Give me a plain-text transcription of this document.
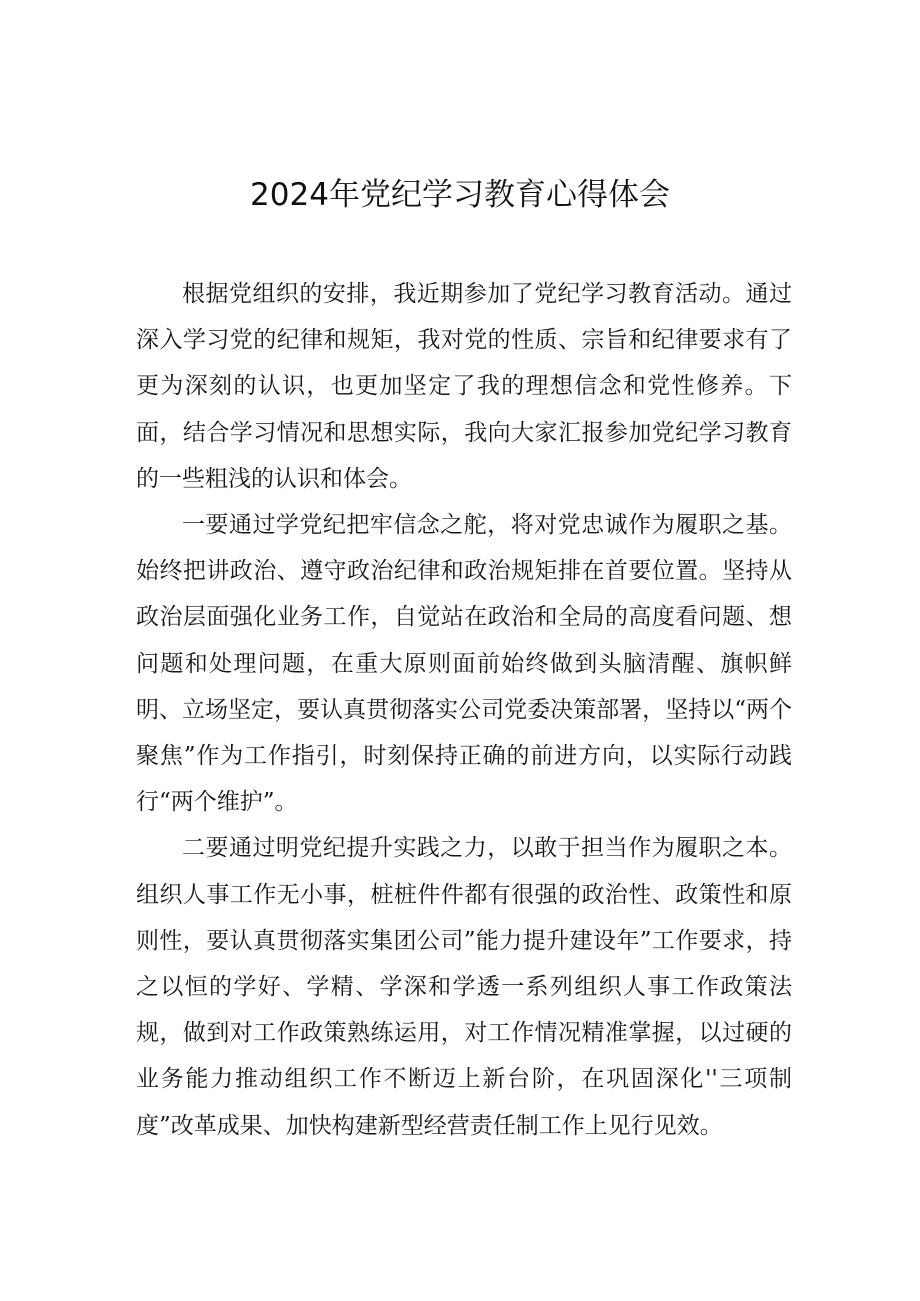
2024年党纪学习教育心得体会

根据党组织的安排，我近期参加了党纪学习教育活动。通过深入学习党的纪律和规矩，我对党的性质、宗旨和纪律要求有了更为深刻的认识，也更加坚定了我的理想信念和党性修养。下面，结合学习情况和思想实际，我向大家汇报参加党纪学习教育的一些粗浅的认识和体会。

一要通过学党纪把牢信念之舵，将对党忠诚作为履职之基。始终把讲政治、遵守政治纪律和政治规矩排在首要位置。坚持从政治层面强化业务工作，自觉站在政治和全局的高度看问题、想问题和处理问题，在重大原则面前始终做到头脑清醒、旗帜鲜明、立场坚定，要认真贯彻落实公司党委决策部署，坚持以“两个聚焦”作为工作指引，时刻保持正确的前进方向，以实际行动践行“两个维护”。

二要通过明党纪提升实践之力，以敢于担当作为履职之本。组织人事工作无小事，桩桩件件都有很强的政治性、政策性和原则性，要认真贯彻落实集团公司”能力提升建设年”工作要求，持之以恒的学好、学精、学深和学透一系列组织人事工作政策法规，做到对工作政策熟练运用，对工作情况精准掌握，以过硬的业务能力推动组织工作不断迈上新台阶，在巩固深化''三项制度”改革成果、加快构建新型经营责任制工作上见行见效。
